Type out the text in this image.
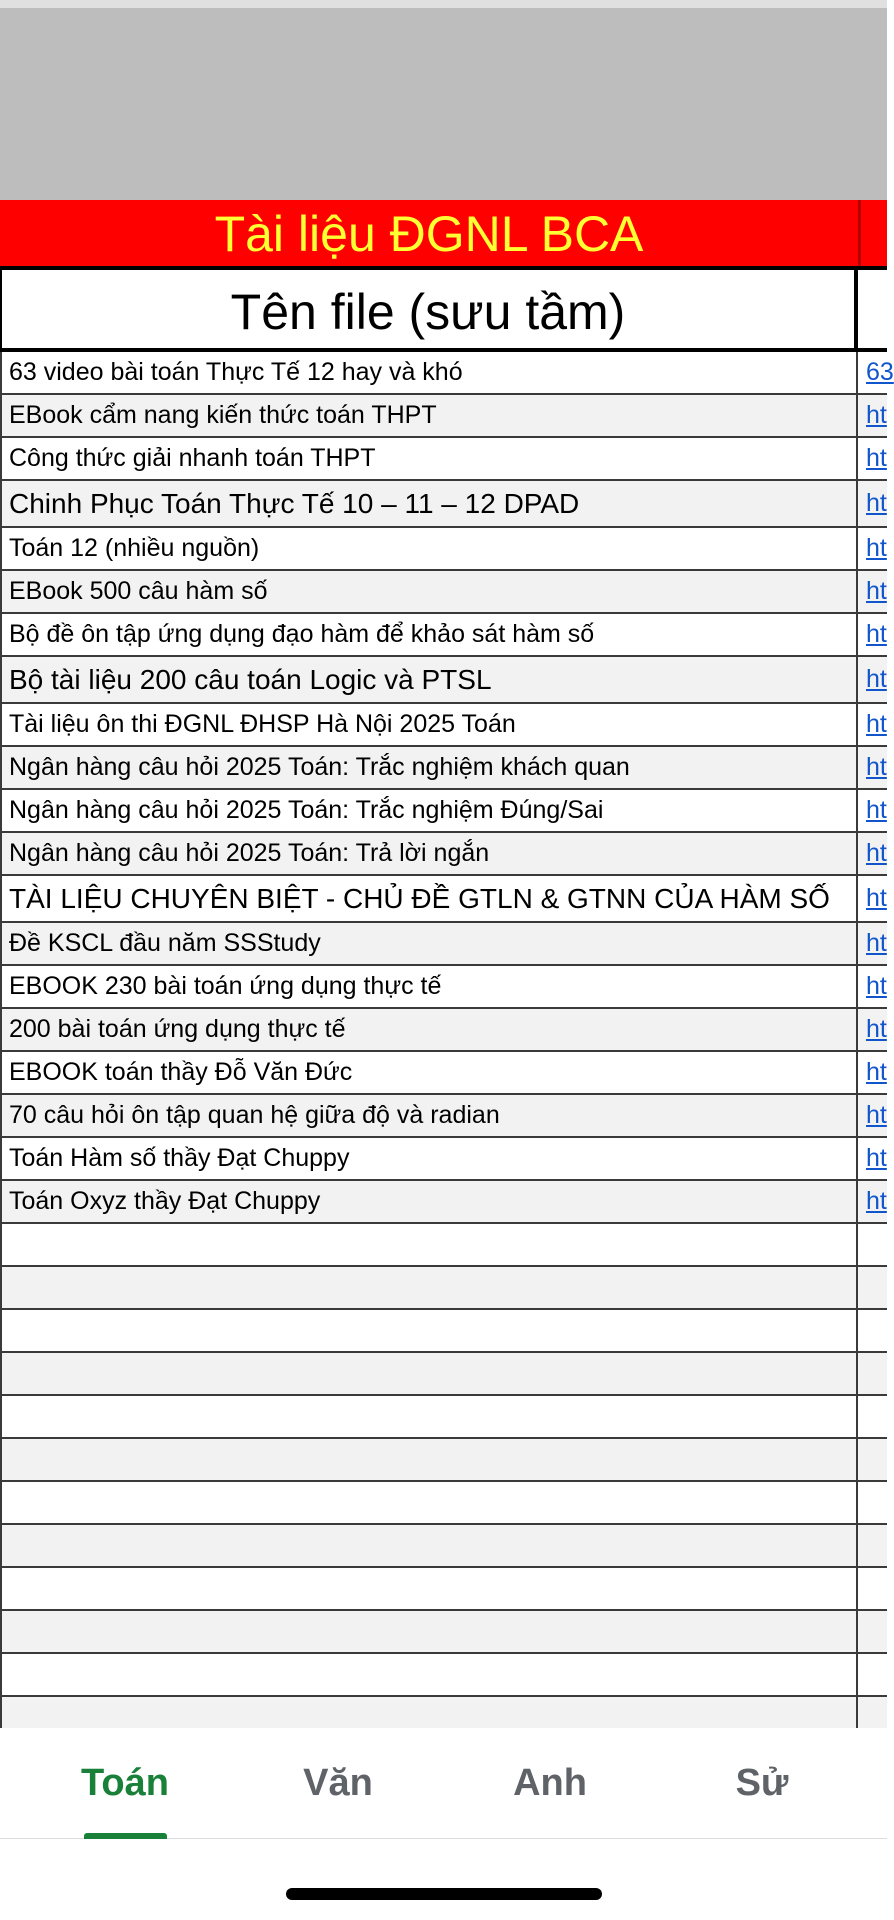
Tài liệu ĐGNL BCA
Tên file (sưu tầm)
63 video bài toán Thực Tế 12 hay và khó	63
EBook cẩm nang kiến thức toán THPT	ht
Công thức giải nhanh toán THPT	ht
Chinh Phục Toán Thực Tế 10 – 11 – 12 DPAD	ht
Toán 12 (nhiều nguồn)	ht
EBook 500 câu hàm số	ht
Bộ đề ôn tập ứng dụng đạo hàm để khảo sát hàm số	ht
Bộ tài liệu 200 câu toán Logic và PTSL	ht
Tài liệu ôn thi ĐGNL ĐHSP Hà Nội 2025 Toán	ht
Ngân hàng câu hỏi 2025 Toán: Trắc nghiệm khách quan	ht
Ngân hàng câu hỏi 2025 Toán: Trắc nghiệm Đúng/Sai	ht
Ngân hàng câu hỏi 2025 Toán: Trả lời ngắn	ht
TÀI LIỆU CHUYÊN BIỆT - CHỦ ĐỀ GTLN & GTNN CỦA HÀM SỐ	ht
Đề KSCL đầu năm SSStudy	ht
EBOOK 230 bài toán ứng dụng thực tế	ht
200 bài toán ứng dụng thực tế	ht
EBOOK toán thầy Đỗ Văn Đức	ht
70 câu hỏi ôn tập quan hệ giữa độ và radian	ht
Toán Hàm số thầy Đạt Chuppy	ht
Toán Oxyz thầy Đạt Chuppy	ht
Toán	Văn	Anh	Sử
